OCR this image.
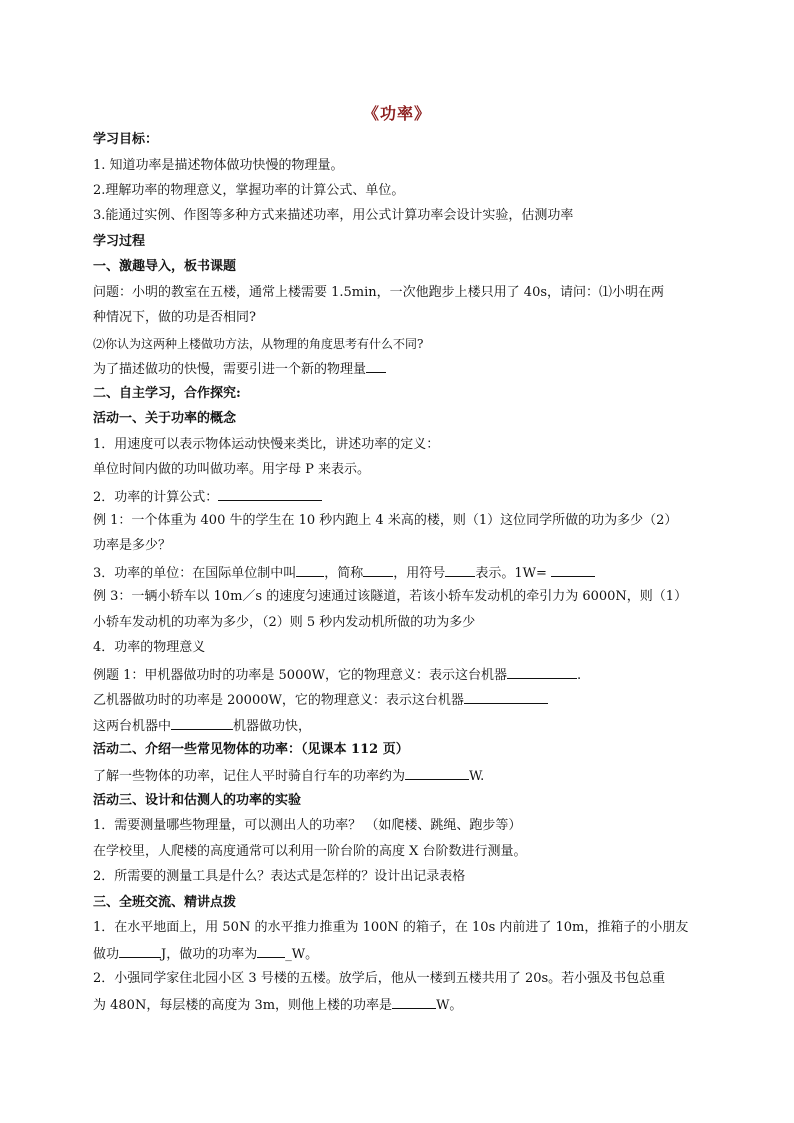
《功率》
学习目标：
1. 知道功率是描述物体做功快慢的物理量。
2.理解功率的物理意义，掌握功率的计算公式、单位。
3.能通过实例、作图等多种方式来描述功率，用公式计算功率会设计实验，估测功率
学习过程
一、激趣导入，板书课题
问题：小明的教室在五楼，通常上楼需要 1.5min，一次他跑步上楼只用了 40s，请问：⑴小明在两
种情况下，做的功是否相同?
⑵你认为这两种上楼做功方法，从物理的角度思考有什么不同?
为了描述做功的快慢，需要引进一个新的物理量
二、自主学习，合作探究:
活动一、关于功率的概念
1．用速度可以表示物体运动快慢来类比，讲述功率的定义：
单位时间内做的功叫做功率。用字母 P 来表示。
2．功率的计算公式：
例 1：一个体重为 400 牛的学生在 10 秒内跑上 4 米高的楼，则（1）这位同学所做的功为多少（2）
功率是多少？
3．功率的单位：在国际单位制中叫 ，简称 ，用符号 表示。1W=
例 3：一辆小轿车以 10m／s 的速度匀速通过该隧道，若该小轿车发动机的牵引力为 6000N，则（1）
小轿车发动机的功率为多少，（2）则 5 秒内发动机所做的功为多少
4．功率的物理意义
例题 1：甲机器做功时的功率是 5000W，它的物理意义：表示这台机器	.
乙机器做功时的功率是 20000W，它的物理意义：表示这台机器
这两台机器中	机器做功快，
活动二、介绍一些常见物体的功率：（见课本 112 页）
了解一些物体的功率，记住人平时骑自行车的功率约为	W.
活动三、设计和估测人的功率的实验
1．需要测量哪些物理量，可以测出人的功率？ （如爬楼、跳绳、跑步等）
在学校里，人爬楼的高度通常可以利用一阶台阶的高度 X 台阶数进行测量。
2．所需要的测量工具是什么？表达式是怎样的？设计出记录表格
三、全班交流、精讲点拨
1．在水平地面上，用 50N 的水平推力推重为 100N 的箱子，在 10s 内前进了 10m，推箱子的小朋友
做功	J，做功的功率为 _W。
2．小强同学家住北园小区 3 号楼的五楼。放学后，他从一楼到五楼共用了 20s。若小强及书包总重
为 480N，每层楼的高度为 3m，则他上楼的功率是	W。
